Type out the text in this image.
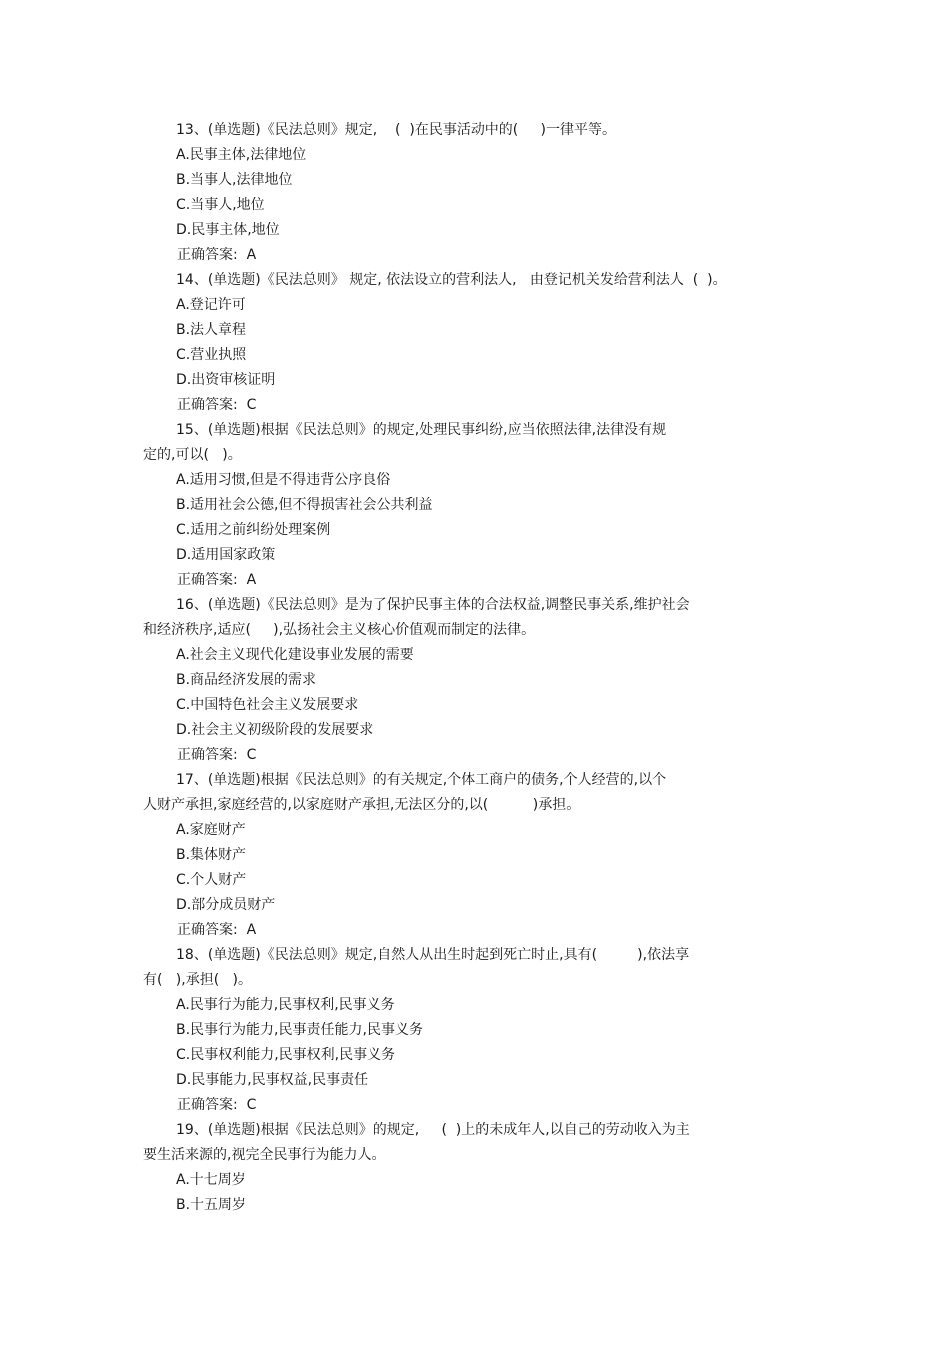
13、(单选题)《民法总则》规定,    (  )在民事活动中的(     )一律平等。
A.民事主体,法律地位
B.当事人,法律地位
C.当事人,地位
D.民事主体,地位
正确答案:  A
14、(单选题)《民法总则》 规定, 依法设立的营利法人,   由登记机关发给营利法人  (  )。
A.登记许可
B.法人章程
C.营业执照
D.出资审核证明
正确答案:  C
15、(单选题)根据《民法总则》的规定,处理民事纠纷,应当依照法律,法律没有规
定的,可以(   )。
A.适用习惯,但是不得违背公序良俗
B.适用社会公德,但不得损害社会公共利益
C.适用之前纠纷处理案例
D.适用国家政策
正确答案:  A
16、(单选题)《民法总则》是为了保护民事主体的合法权益,调整民事关系,维护社会
和经济秩序,适应(     ),弘扬社会主义核心价值观而制定的法律。
A.社会主义现代化建设事业发展的需要
B.商品经济发展的需求
C.中国特色社会主义发展要求
D.社会主义初级阶段的发展要求
正确答案:  C
17、(单选题)根据《民法总则》的有关规定,个体工商户的债务,个人经营的,以个
人财产承担,家庭经营的,以家庭财产承担,无法区分的,以(          )承担。
A.家庭财产
B.集体财产
C.个人财产
D.部分成员财产
正确答案:  A
18、(单选题)《民法总则》规定,自然人从出生时起到死亡时止,具有(         ),依法享
有(   ),承担(   )。
A.民事行为能力,民事权利,民事义务
B.民事行为能力,民事责任能力,民事义务
C.民事权利能力,民事权利,民事义务
D.民事能力,民事权益,民事责任
正确答案:  C
19、(单选题)根据《民法总则》的规定,     (  )上的未成年人,以自己的劳动收入为主
要生活来源的,视完全民事行为能力人。
A.十七周岁
B.十五周岁
